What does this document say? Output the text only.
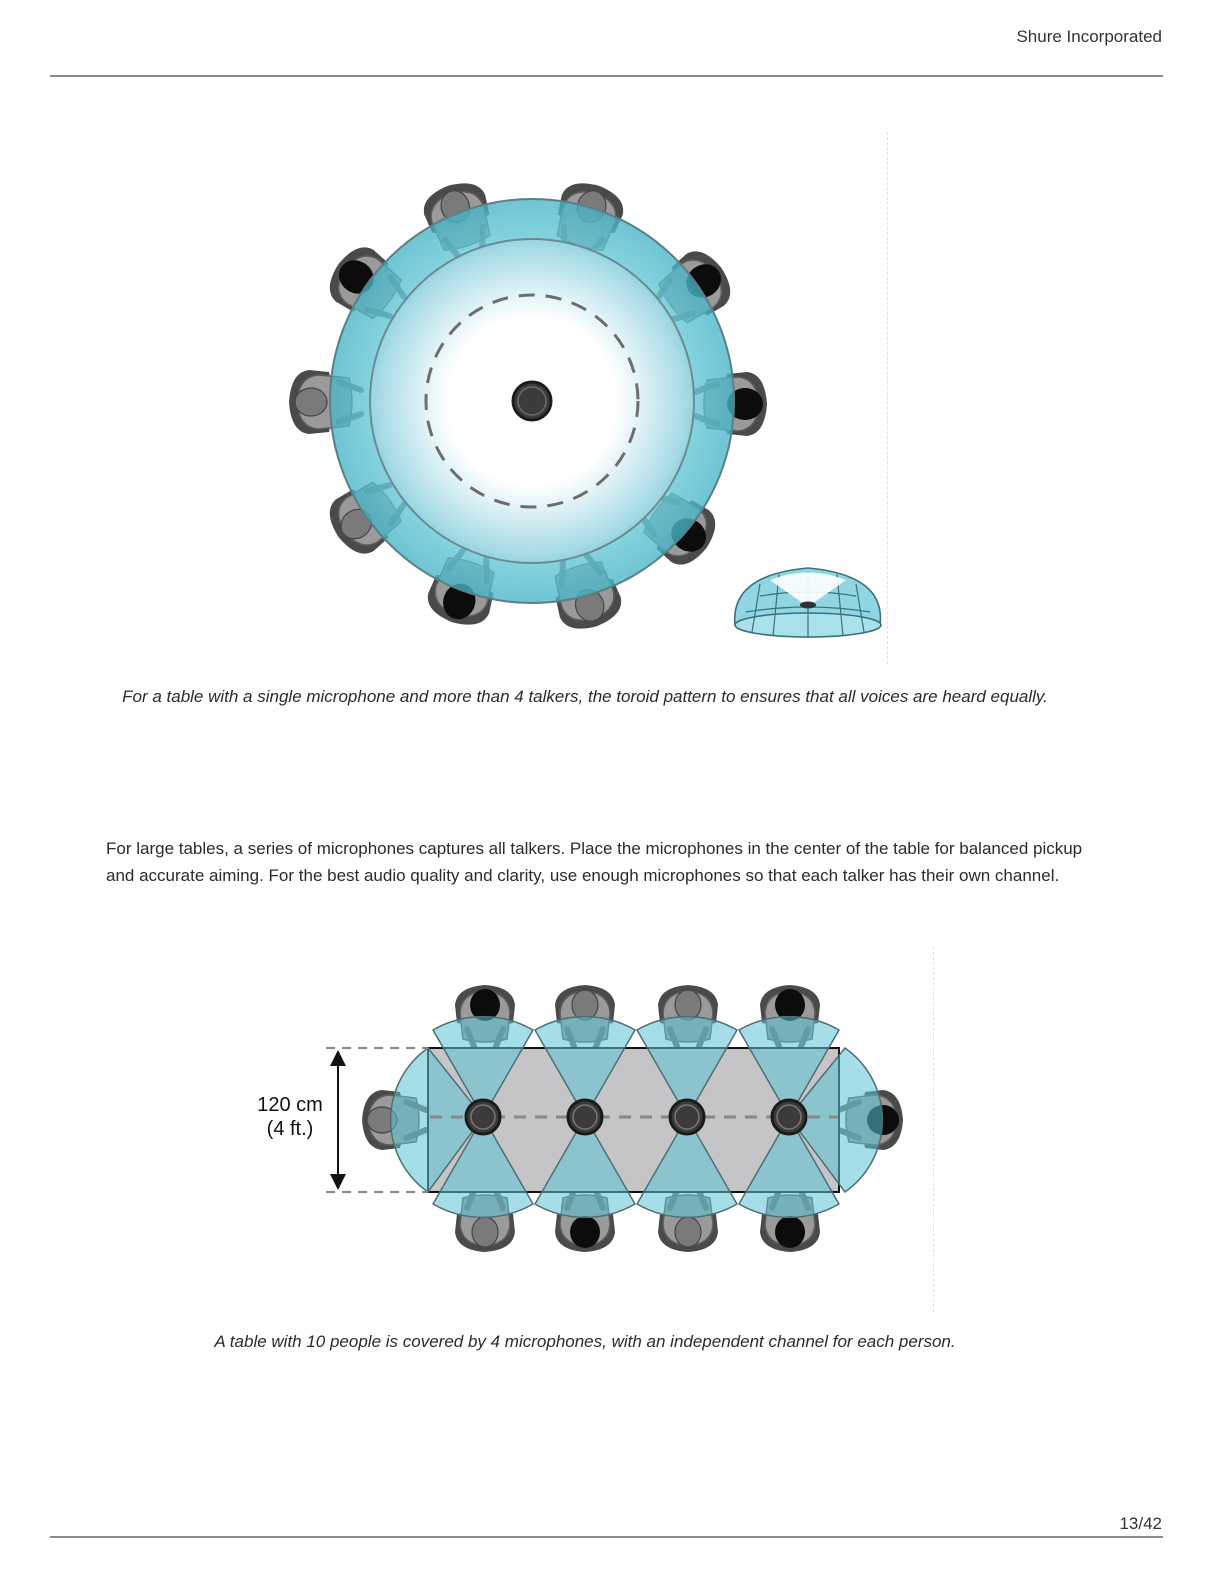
Shure Incorporated
For a table with a single microphone and more than 4 talkers, the toroid pattern to ensures that all voices are heard equally.
For large tables, a series of microphones captures all talkers. Place the microphones in the center of the table for balanced pickup and accurate aiming. For the best audio quality and clarity, use enough microphones so that each talker has their own channel.
120 cm
(4 ft.)
A table with 10 people is covered by 4 microphones, with an independent channel for each person.
13/42
